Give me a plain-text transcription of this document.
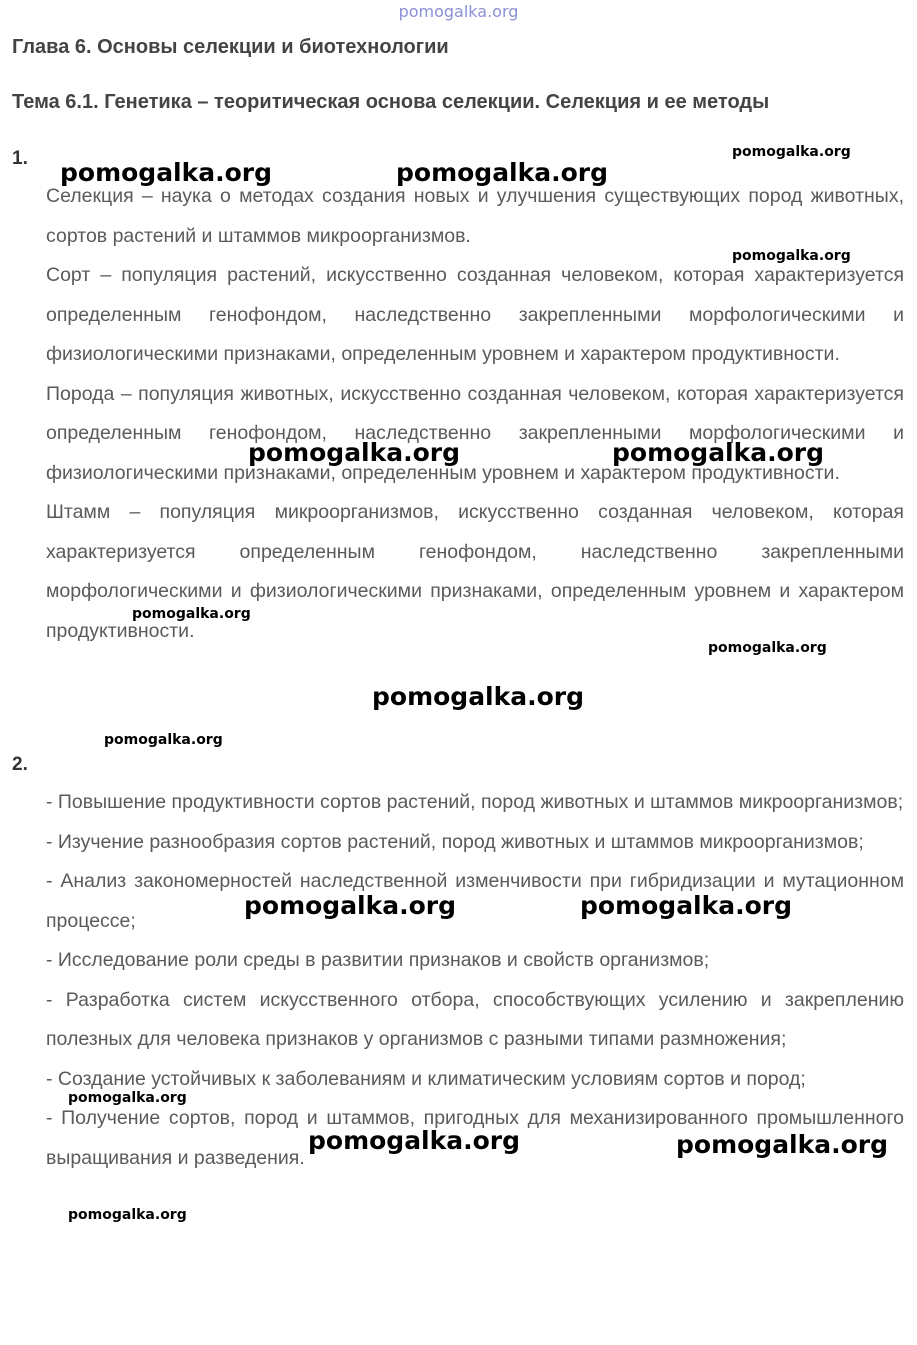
pomogalka.org
Глава 6. Основы селекции и биотехнологии
Тема 6.1. Генетика – теоритическая основа селекции. Селекция и ее методы
1.

Селекция – наука о методах создания новых и улучшения существующих пород животных, сортов растений и штаммов микроорганизмов.

Сорт – популяция растений, искусственно созданная человеком, которая характеризуется определенным генофондом, наследственно закрепленными морфологическими и физиологическими признаками, определенным уровнем и характером продуктивности.

Порода – популяция животных, искусственно созданная человеком, которая характеризуется определенным генофондом, наследственно закрепленными морфологическими и физиологическими признаками, определенным уровнем и характером продуктивности.

Штамм – популяция микроорганизмов, искусственно созданная человеком, которая характеризуется определенным генофондом, наследственно закрепленными морфологическими и физиологическими признаками, определенным уровнем и характером продуктивности.

2.

- Повышение продуктивности сортов растений, пород животных и штаммов микроорганизмов;

- Изучение разнообразия сортов растений, пород животных и штаммов микроорганизмов;

- Анализ закономерностей наследственной изменчивости при гибридизации и мутационном процессе;

- Исследование роли среды в развитии признаков и свойств организмов;

- Разработка систем искусственного отбора, способствующих усилению и закреплению полезных для человека признаков у организмов с разными типами размножения;

- Создание устойчивых к заболеваниям и климатическим условиям сортов и пород;

- Получение сортов, пород и штаммов, пригодных для механизированного промышленного выращивания и разведения.

pomogalka.org	pomogalka.org
pomogalka.org
pomogalka.org
pomogalka.org	pomogalka.org
pomogalka.org
pomogalka.org
pomogalka.org
pomogalka.org
pomogalka.org	pomogalka.org
pomogalka.org
pomogalka.org	pomogalka.org
pomogalka.org
